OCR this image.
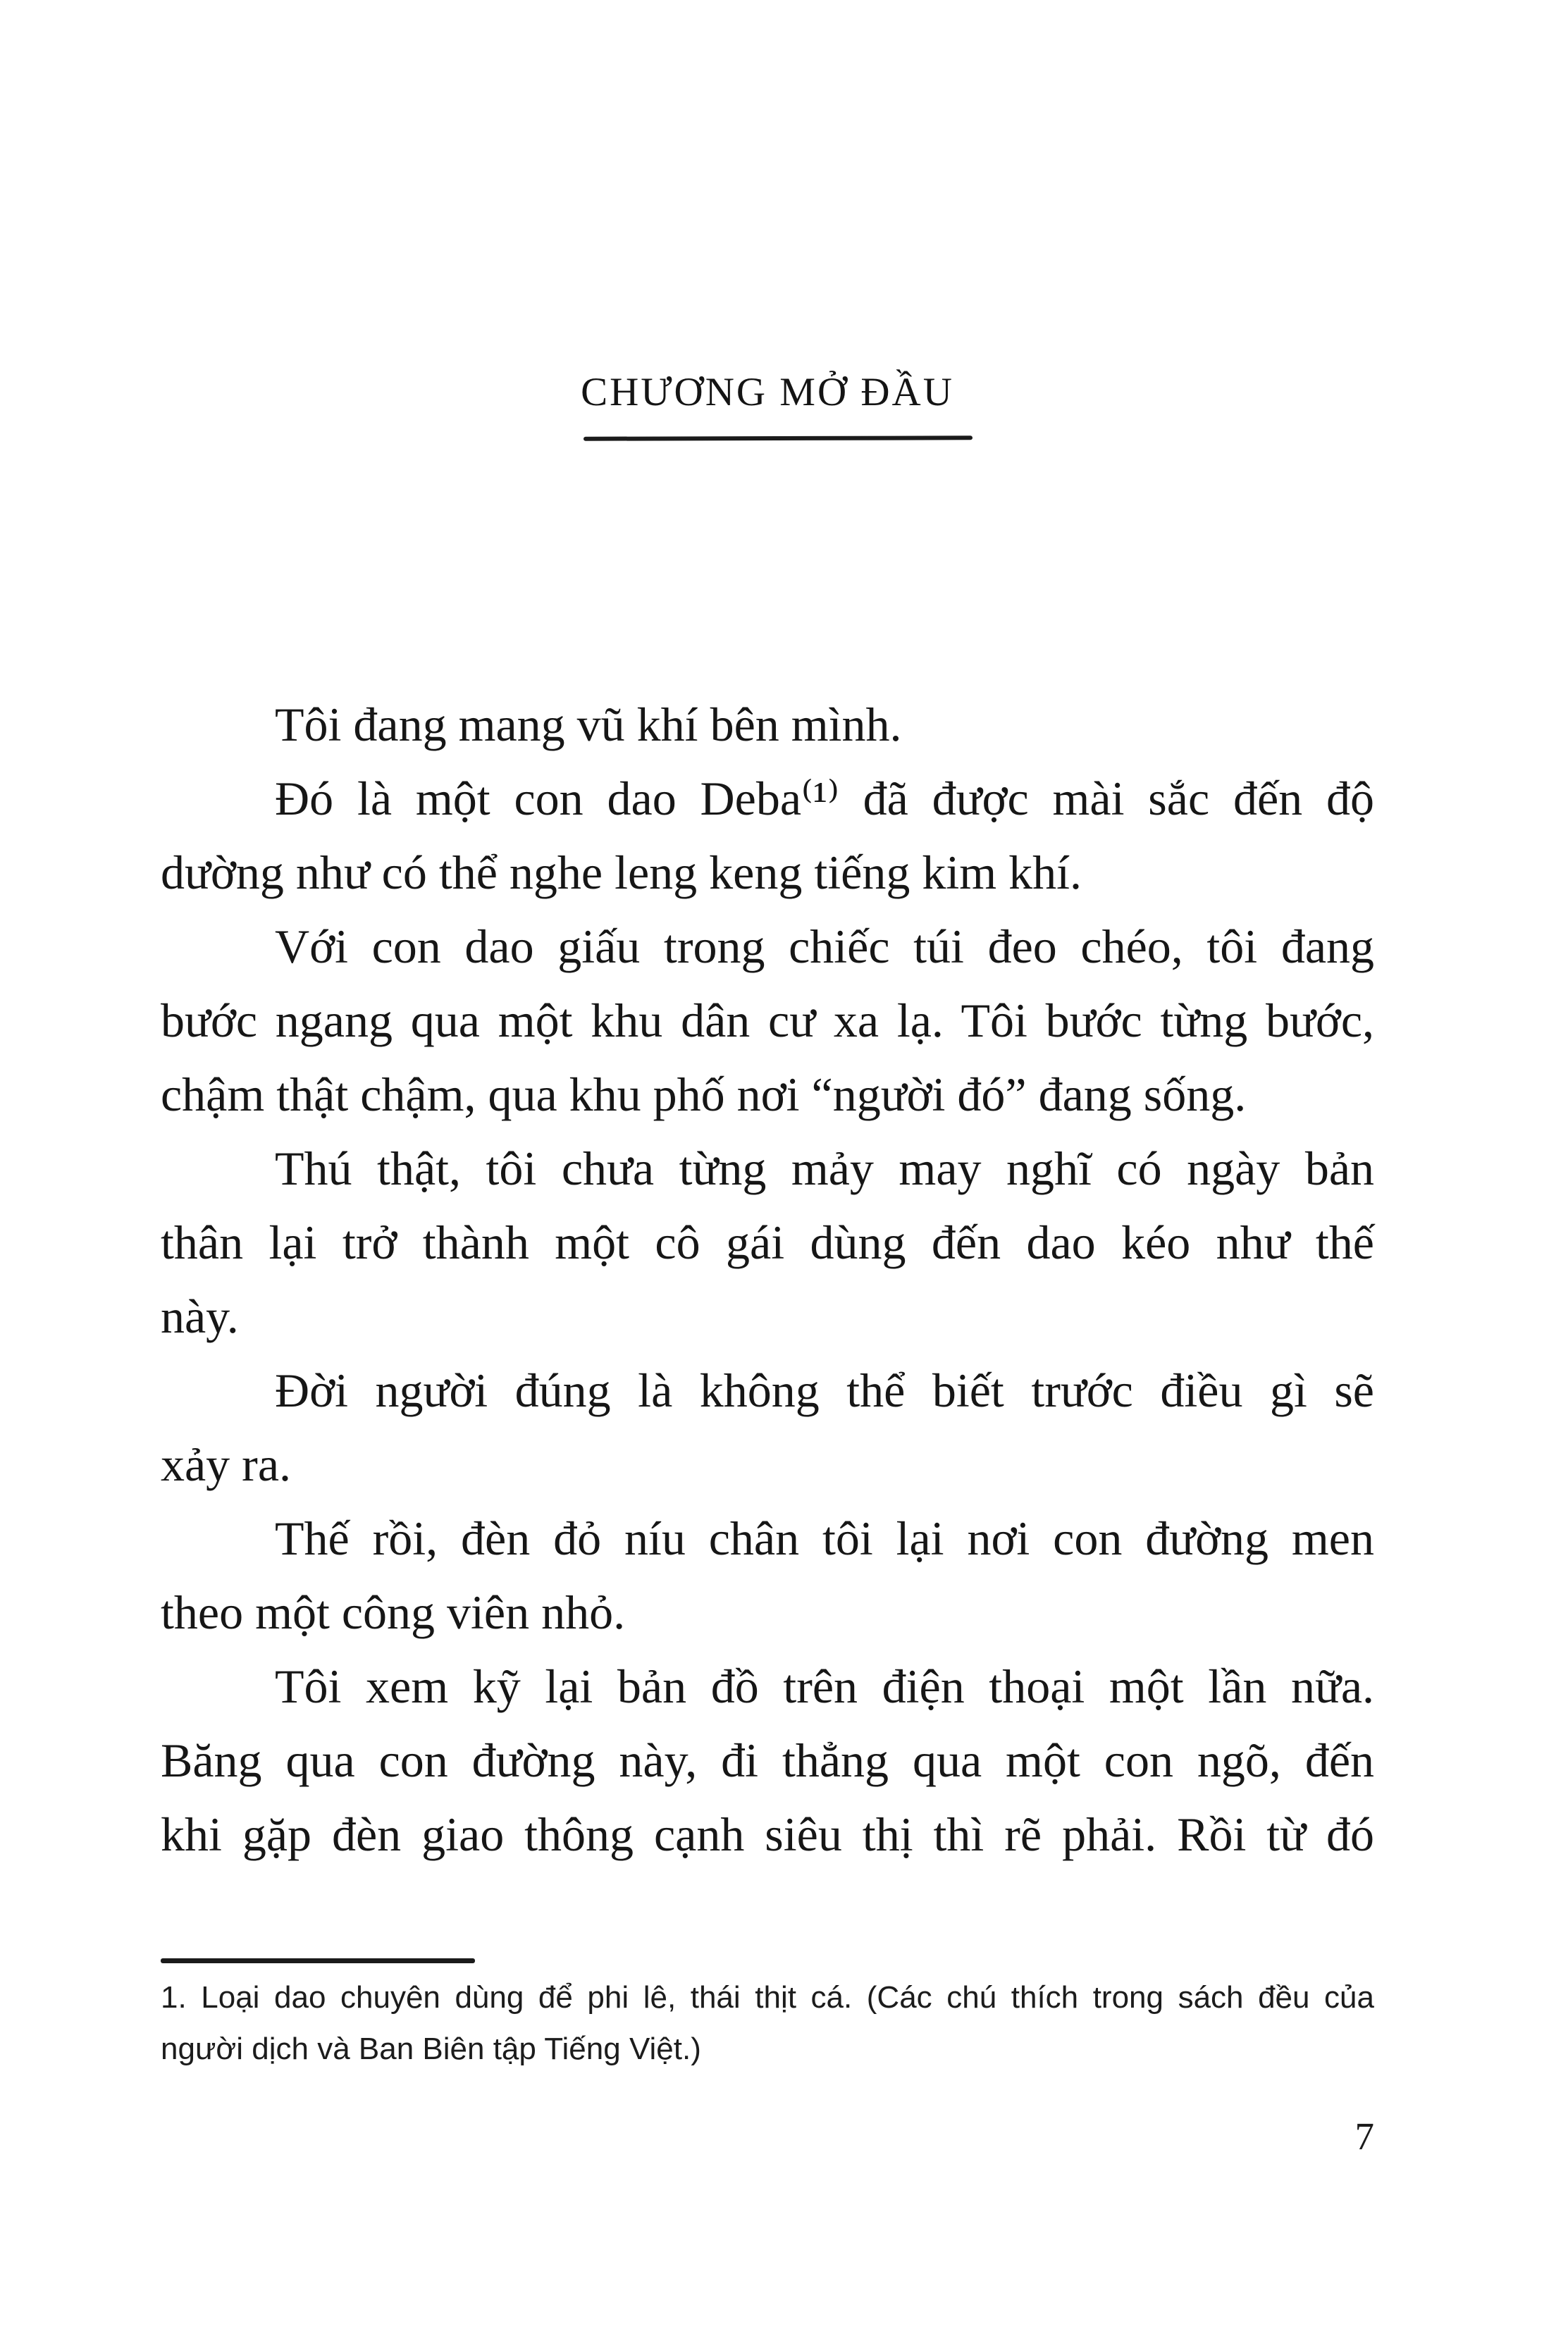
CHƯƠNG MỞ ĐẦU
Tôi đang mang vũ khí bên mình.
Đó là một con dao Deba⁽¹⁾ đã được mài sắc đến độ
dường như có thể nghe leng keng tiếng kim khí.
Với con dao giấu trong chiếc túi đeo chéo, tôi đang
bước ngang qua một khu dân cư xa lạ. Tôi bước từng bước,
chậm thật chậm, qua khu phố nơi “người đó” đang sống.
Thú thật, tôi chưa từng mảy may nghĩ có ngày bản
thân lại trở thành một cô gái dùng đến dao kéo như thế
này.
Đời người đúng là không thể biết trước điều gì sẽ
xảy ra.
Thế rồi, đèn đỏ níu chân tôi lại nơi con đường men
theo một công viên nhỏ.
Tôi xem kỹ lại bản đồ trên điện thoại một lần nữa.
Băng qua con đường này, đi thẳng qua một con ngõ, đến
khi gặp đèn giao thông cạnh siêu thị thì rẽ phải. Rồi từ đó
1. Loại dao chuyên dùng để phi lê, thái thịt cá. (Các chú thích trong sách đều của
người dịch và Ban Biên tập Tiếng Việt.)
7
